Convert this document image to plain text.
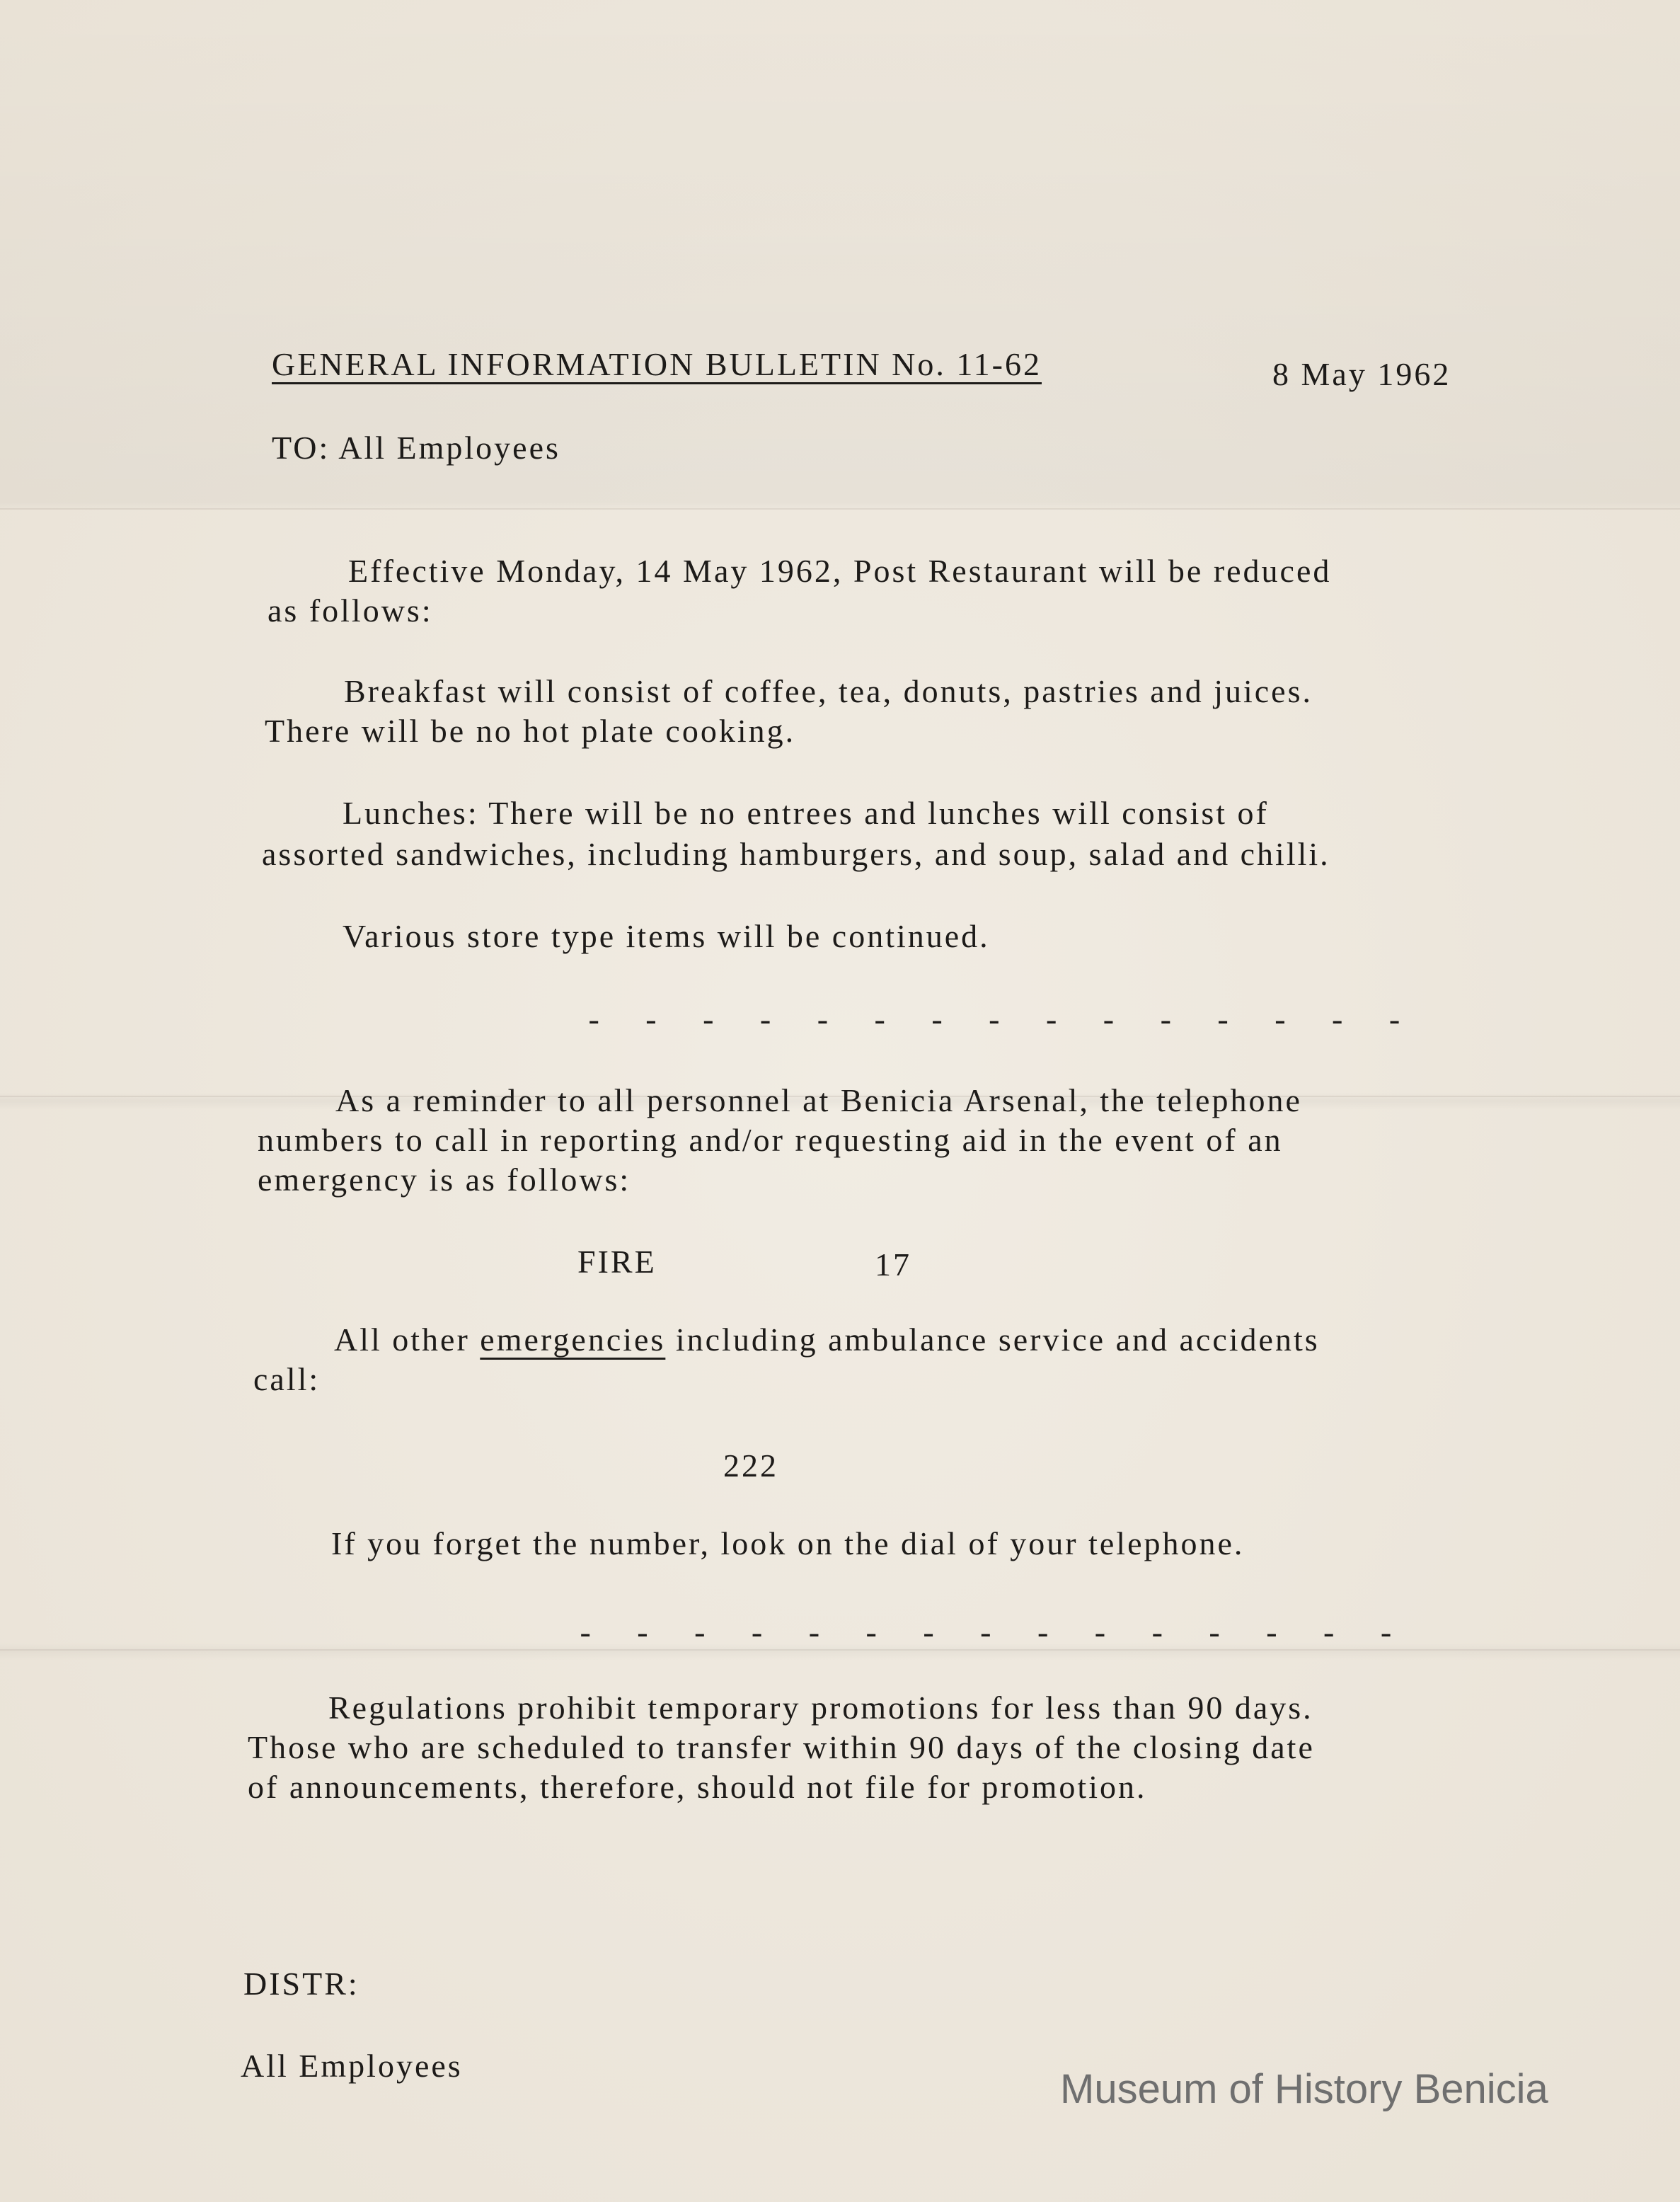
GENERAL INFORMATION BULLETIN No. 11-62	8 May 1962
TO: All Employees
Effective Monday, 14 May 1962, Post Restaurant will be reduced
as follows:
Breakfast will consist of coffee, tea, donuts, pastries and juices.
There will be no hot plate cooking.
Lunches: There will be no entrees and lunches will consist of
assorted sandwiches, including hamburgers, and soup, salad and chilli.
Various store type items will be continued.
- - - - - - - - - - - - - - -
As a reminder to all personnel at Benicia Arsenal, the telephone
numbers to call in reporting and/or requesting aid in the event of an
emergency is as follows:
FIRE	17
All other emergencies including ambulance service and accidents
call:
222
If you forget the number, look on the dial of your telephone.
- - - - - - - - - - - - - - -
Regulations prohibit temporary promotions for less than 90 days.
Those who are scheduled to transfer within 90 days of the closing date
of announcements, therefore, should not file for promotion.
DISTR:
All Employees
Museum of History Benicia
